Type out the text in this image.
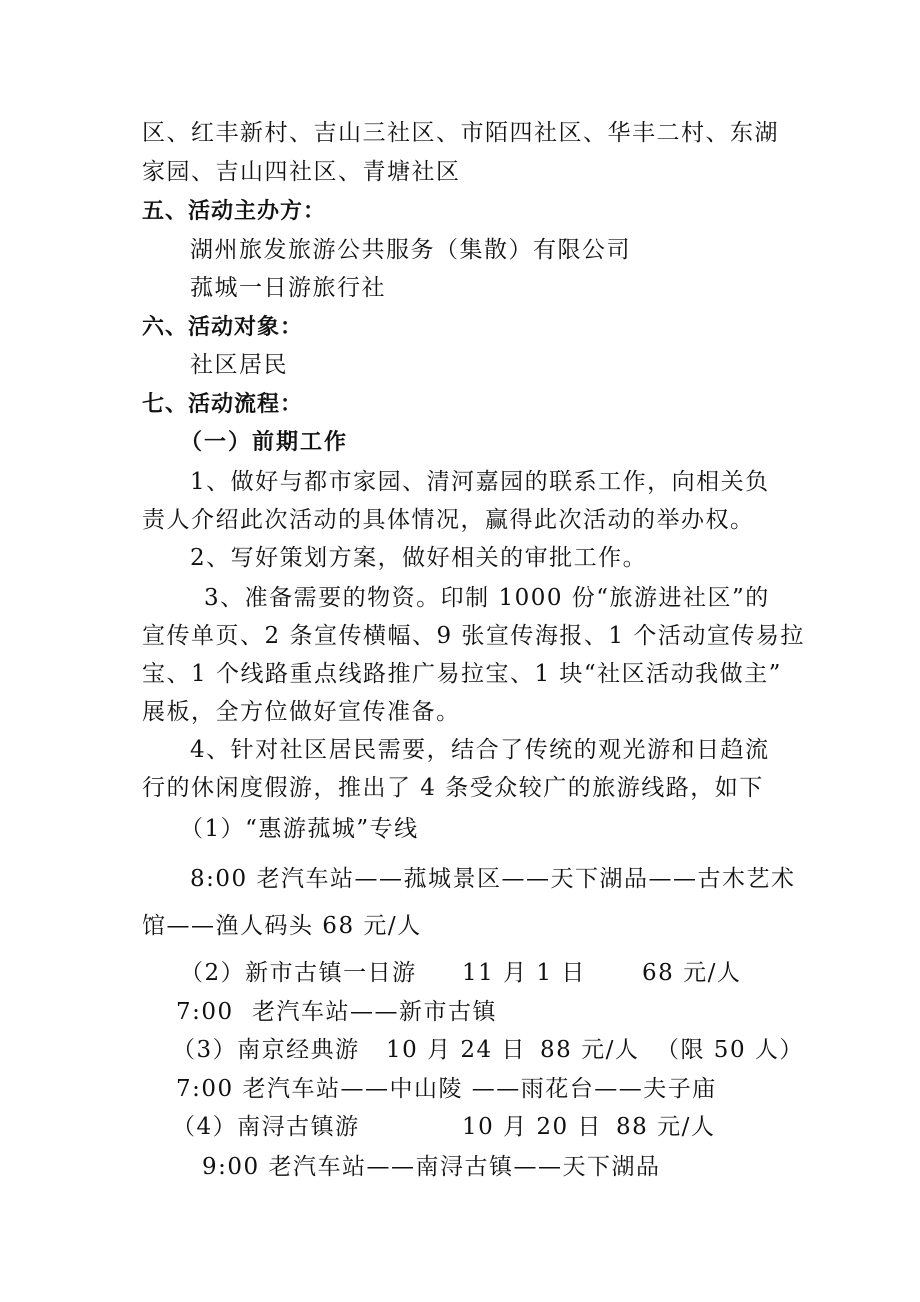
区、红丰新村、吉山三社区、市陌四社区、华丰二村、东湖
家园、吉山四社区、青塘社区
五、活动主办方：
湖州旅发旅游公共服务（集散）有限公司
菰城一日游旅行社
六、活动对象：
社区居民
七、活动流程：
（一）前期工作
1、做好与都市家园、清河嘉园的联系工作，向相关负
责人介绍此次活动的具体情况，赢得此次活动的举办权。
2、写好策划方案，做好相关的审批工作。
3、准备需要的物资。印制 1000 份“旅游进社区”的
宣传单页、2 条宣传横幅、9 张宣传海报、1 个活动宣传易拉
宝、1 个线路重点线路推广易拉宝、1 块“社区活动我做主”
展板，全方位做好宣传准备。
4、针对社区居民需要，结合了传统的观光游和日趋流
行的休闲度假游，推出了 4 条受众较广的旅游线路，如下
（1）“惠游菰城”专线
8:00 老汽车站——菰城景区——天下湖品——古木艺术
馆——渔人码头 68 元/人
（2）新市古镇一日游 11 月 1 日 68 元/人
7:00 老汽车站——新市古镇
（3）南京经典游 10 月 24 日 88 元/人 （限 50 人）
7:00 老汽车站——中山陵 ——雨花台——夫子庙
（4）南浔古镇游	10 月 20 日 88 元/人
9:00 老汽车站——南浔古镇——天下湖品
